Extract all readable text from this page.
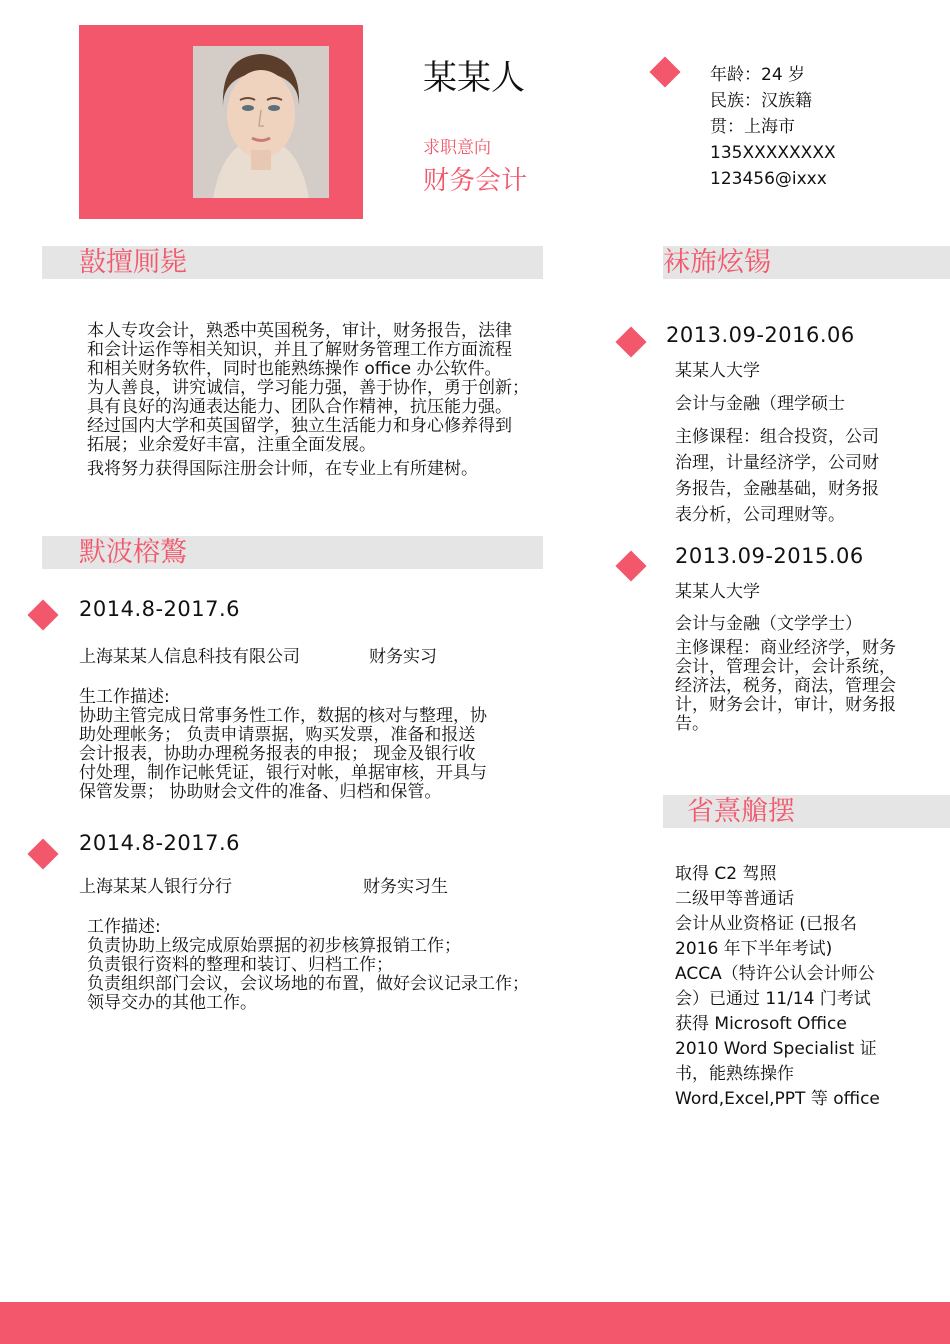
某某人
求职意向
财务会计
年龄：24 岁
民族：汉族籍
贯：上海市
135XXXXXXXX
123456@ixxx
敼擅厠毙
本人专攻会计，熟悉中英国税务，审计，财务报告，法律
和会计运作等相关知识，并且了解财务管理工作方面流程
和相关财务软件，同时也能熟练操作 office 办公软件。
为人善良，讲究诚信，学习能力强，善于协作，勇于创新；
具有良好的沟通表达能力、团队合作精神，抗压能力强。
经过国内大学和英国留学，独立生活能力和身心修养得到
拓展；业余爱好丰富，注重全面发展。
我将努力获得国际注册会计师，在专业上有所建树。
默波榕鷔
2014.8-2017.6
上海某某人信息科技有限公司	财务实习
生工作描述:
协助主管完成日常事务性工作，数据的核对与整理，协
助处理帐务； 负责申请票据，购买发票，准备和报送
会计报表，协助办理税务报表的申报； 现金及银行收
付处理，制作记帐凭证，银行对帐，单据审核，开具与
保管发票； 协助财会文件的准备、归档和保管。
2014.8-2017.6
上海某某人银行分行	财务实习生
工作描述:
负责协助上级完成原始票据的初步核算报销工作；
负责银行资料的整理和装订、归档工作；
负责组织部门会议，会议场地的布置，做好会议记录工作；
领导交办的其他工作。
袜旆炫锡
2013.09-2016.06
某某人大学
会计与金融（理学硕士
主修课程：组合投资，公司
治理，计量经济学，公司财
务报告，金融基础，财务报
表分析，公司理财等。
2013.09-2015.06
某某人大学
会计与金融（文学学士）
主修课程：商业经济学，财务
会计，管理会计，会计系统，
经济法，税务，商法，管理会
计，财务会计，审计，财务报
告。
省熹艙摆
取得 C2 驾照
二级甲等普通话
会计从业资格证 (已报名
2016 年下半年考试)
ACCA（特许公认会计师公
会）已通过 11/14 门考试
获得 Microsoft Office
2010 Word Specialist 证
书，能熟练操作
Word,Excel,PPT 等 office
